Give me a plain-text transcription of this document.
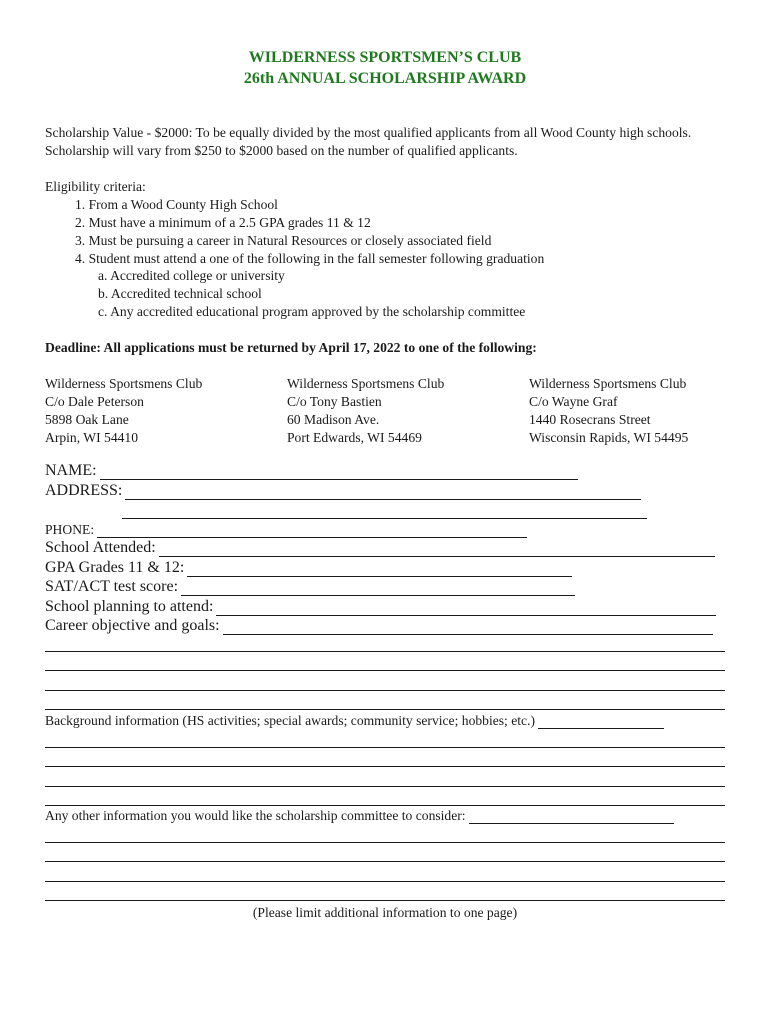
WILDERNESS SPORTSMEN’S CLUB
26th ANNUAL SCHOLARSHIP AWARD
Scholarship Value - $2000: To be equally divided by the most qualified applicants from all Wood County high schools. Scholarship will vary from $250 to $2000 based on the number of qualified applicants.
Eligibility criteria:
1. From a Wood County High School
2. Must have a minimum of a 2.5 GPA grades 11 & 12
3. Must be pursuing a career in Natural Resources or closely associated field
4. Student must attend a one of the following in the fall semester following graduation
a. Accredited college or university
b. Accredited technical school
c. Any accredited educational program approved by the scholarship committee
Deadline: All applications must be returned by April 17, 2022 to one of the following:
Wilderness Sportsmens Club
C/o Dale Peterson
5898 Oak Lane
Arpin, WI 54410
Wilderness Sportsmens Club
C/o Tony Bastien
60 Madison Ave.
Port Edwards, WI 54469
Wilderness Sportsmens Club
C/o Wayne Graf
1440 Rosecrans Street
Wisconsin Rapids, WI 54495
NAME:
ADDRESS:
PHONE:
School Attended:
GPA Grades 11 & 12:
SAT/ACT test score:
School planning to attend:
Career objective and goals:
Background information (HS activities; special awards; community service; hobbies; etc.)
Any other information you would like the scholarship committee to consider:
(Please limit additional information to one page)
